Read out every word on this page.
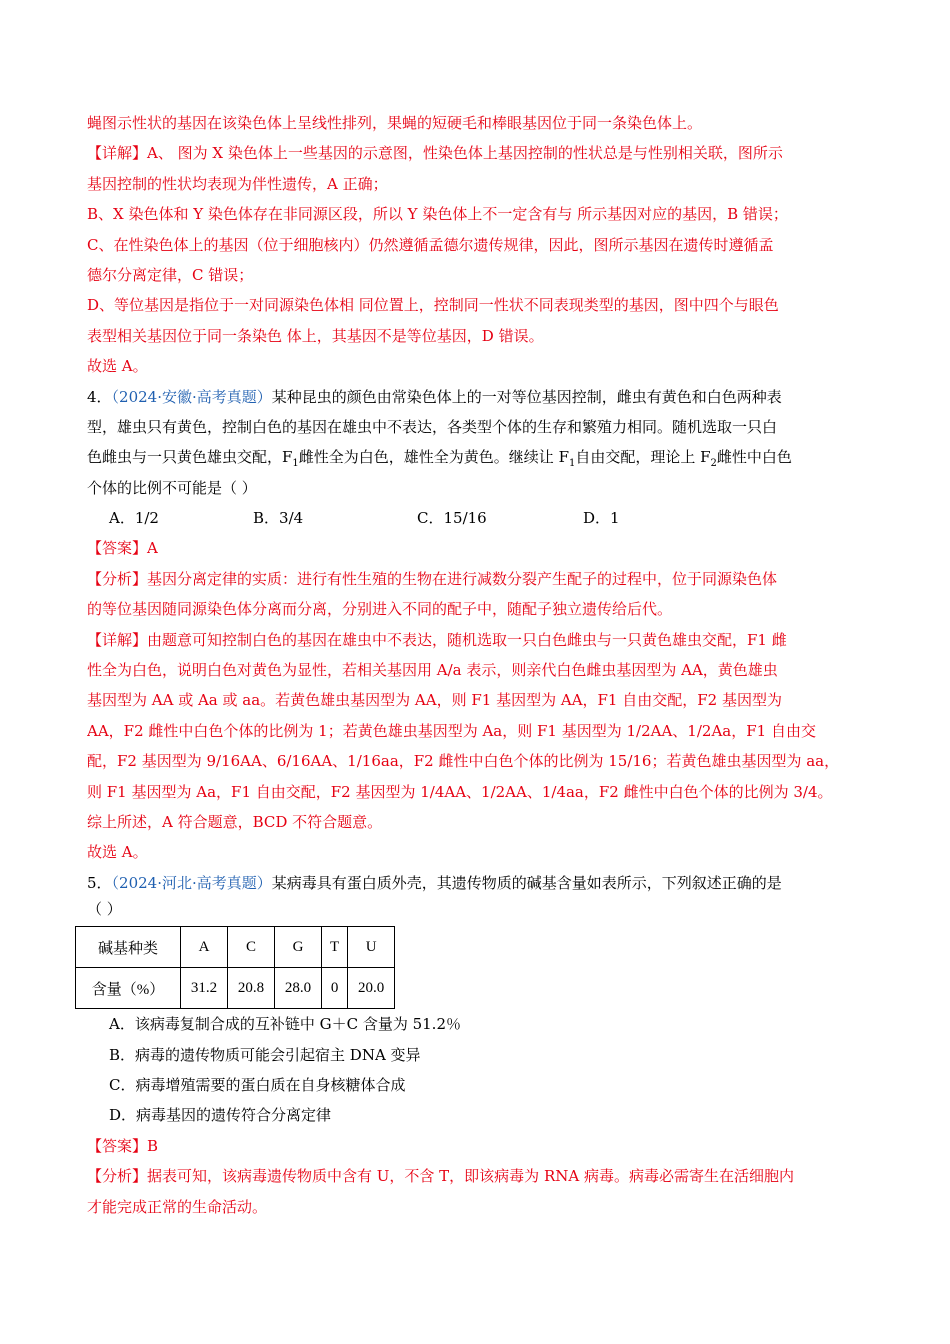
蝇图示性状的基因在该染色体上呈线性排列，果蝇的短硬毛和棒眼基因位于同一条染色体上。
【详解】A、 图为 X 染色体上一些基因的示意图，性染色体上基因控制的性状总是与性别相关联，图所示
基因控制的性状均表现为伴性遗传，A 正确；
B、X 染色体和 Y 染色体存在非同源区段，所以 Y 染色体上不一定含有与 所示基因对应的基因，B 错误；
C、在性染色体上的基因（位于细胞核内）仍然遵循孟德尔遗传规律，因此，图所示基因在遗传时遵循孟
德尔分离定律，C 错误；
D、等位基因是指位于一对同源染色体相 同位置上，控制同一性状不同表现类型的基因，图中四个与眼色
表型相关基因位于同一条染色 体上，其基因不是等位基因，D 错误。
故选 A。
4．（2024·安徽·高考真题）某种昆虫的颜色由常染色体上的一对等位基因控制，雌虫有黄色和白色两种表
型，雄虫只有黄色，控制白色的基因在雄虫中不表达，各类型个体的生存和繁殖力相同。随机选取一只白
色雌虫与一只黄色雄虫交配，$F_1$雌性全为白色，雄性全为黄色。继续让 $F_1$自由交配，理论上 $F_2$雌性中白色
个体的比例不可能是（ ）
A．1/2	B．3/4	C．15/16	D．1
【答案】A
【分析】基因分离定律的实质：进行有性生殖的生物在进行减数分裂产生配子的过程中，位于同源染色体
的等位基因随同源染色体分离而分离，分别进入不同的配子中，随配子独立遗传给后代。
【详解】由题意可知控制白色的基因在雄虫中不表达，随机选取一只白色雌虫与一只黄色雄虫交配，F1 雌
性全为白色，说明白色对黄色为显性，若相关基因用 A/a 表示，则亲代白色雌虫基因型为 AA，黄色雄虫
基因型为 AA 或 Aa 或 aa。若黄色雄虫基因型为 AA，则 F1 基因型为 AA，F1 自由交配，F2 基因型为
AA，F2 雌性中白色个体的比例为 1；若黄色雄虫基因型为 Aa，则 F1 基因型为 1/2AA、1/2Aa，F1 自由交
配，F2 基因型为 9/16AA、6/16AA、1/16aa，F2 雌性中白色个体的比例为 15/16；若黄色雄虫基因型为 aa，
则 F1 基因型为 Aa，F1 自由交配，F2 基因型为 1/4AA、1/2AA、1/4aa，F2 雌性中白色个体的比例为 3/4。
综上所述，A 符合题意，BCD 不符合题意。
故选 A。
5．（2024·河北·高考真题）某病毒具有蛋白质外壳，其遗传物质的碱基含量如表所示，下列叙述正确的是
（ ）
碱基种类	A	C	G	T	U
含量（%）	31.2	20.8	28.0	0	20.0
A．该病毒复制合成的互补链中 G＋C 含量为 51.2％
B．病毒的遗传物质可能会引起宿主 DNA 变异
C．病毒增殖需要的蛋白质在自身核糖体合成
D．病毒基因的遗传符合分离定律
【答案】B
【分析】据表可知，该病毒遗传物质中含有 U，不含 T，即该病毒为 RNA 病毒。病毒必需寄生在活细胞内
才能完成正常的生命活动。
